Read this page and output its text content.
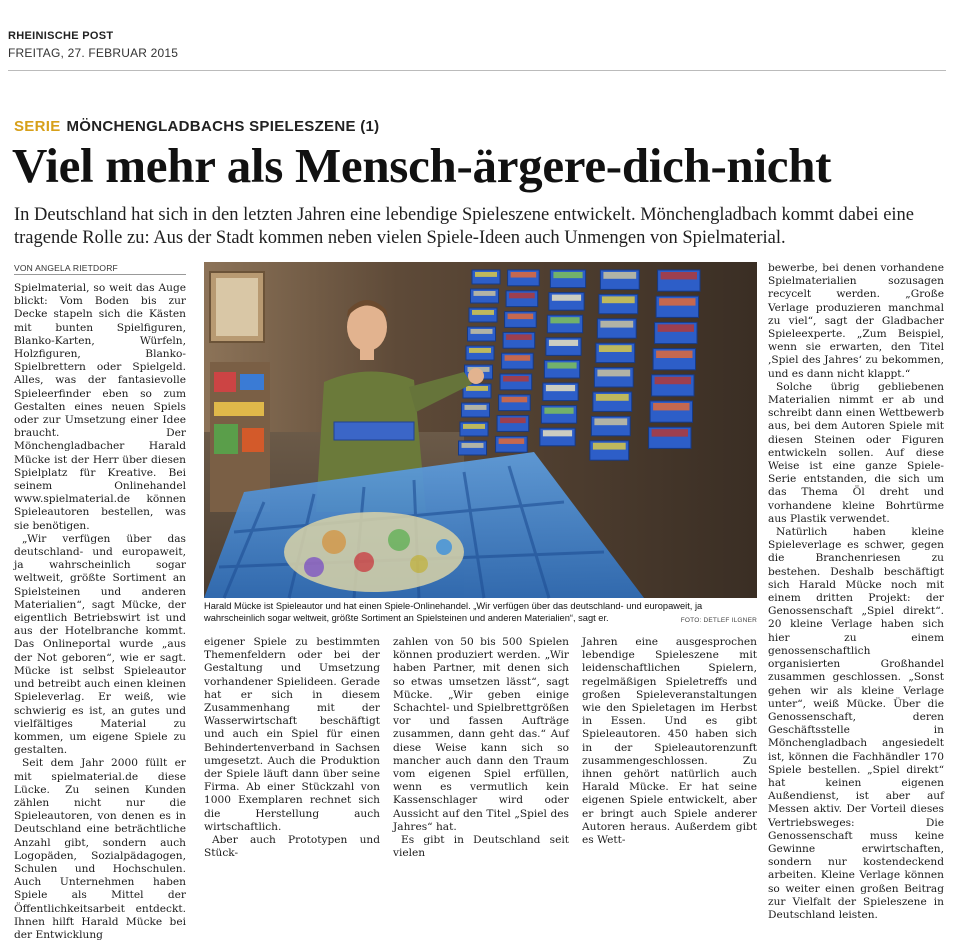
RHEINISCHE POST
FREITAG, 27. FEBRUAR 2015
SERIE MÖNCHENGLADBACHS SPIELESZENE (1)
Viel mehr als Mensch-ärgere-dich-nicht
In Deutschland hat sich in den letzten Jahren eine lebendige Spieleszene entwickelt. Mönchengladbach kommt dabei eine tragende Rolle zu: Aus der Stadt kommen neben vielen Spiele-Ideen auch Unmengen von Spielmaterial.
VON ANGELA RIETDORF

Spielmaterial, so weit das Auge blickt: Vom Boden bis zur Decke stapeln sich die Kästen mit bunten Spielfiguren, Blanko-Karten, Würfeln, Holzfiguren, Blanko-Spielbrettern oder Spielgeld. Alles, was der fantasievolle Spieleerfinder eben so zum Gestalten eines neuen Spiels oder zur Umsetzung einer Idee braucht. Der Mönchengladbacher Harald Mücke ist der Herr über diesen Spielplatz für Kreative. Bei seinem Onlinehandel www.spielmaterial.de können Spieleautoren bestellen, was sie benötigen.

„Wir verfügen über das deutschland- und europaweit, ja wahrscheinlich sogar weltweit, größte Sortiment an Spielsteinen und anderen Materialien“, sagt Mücke, der eigentlich Betriebswirt ist und aus der Hotelbranche kommt. Das Onlineportal wurde „aus der Not geboren“, wie er sagt. Mücke ist selbst Spieleautor und betreibt auch einen kleinen Spieleverlag. Er weiß, wie schwierig es ist, an gutes und vielfältiges Material zu kommen, um eigene Spiele zu gestalten.

Seit dem Jahr 2000 füllt er mit spielmaterial.de diese Lücke. Zu seinen Kunden zählen nicht nur die Spieleautoren, von denen es in Deutschland eine beträchtliche Anzahl gibt, sondern auch Logopäden, Sozialpädagogen, Schulen und Hochschulen. Auch Unternehmen haben Spiele als Mittel der Öffentlichkeitsarbeit entdeckt. Ihnen hilft Harald Mücke bei der Entwicklung

Harald Mücke ist Spieleautor und hat einen Spiele-Onlinehandel. „Wir verfügen über das deutschland- und europaweit, ja wahrscheinlich sogar weltweit, größte Sortiment an Spielsteinen und anderen Materialien“, sagt er.	FOTO: DETLEF ILGNER

eigener Spiele zu bestimmten Themenfeldern oder bei der Gestaltung und Umsetzung vorhandener Spielideen. Gerade hat er sich in diesem Zusammenhang mit der Wasserwirtschaft beschäftigt und auch ein Spiel für einen Behindertenverband in Sachsen umgesetzt. Auch die Produktion der Spiele läuft dann über seine Firma. Ab einer Stückzahl von 1000 Exemplaren rechnet sich die Herstellung auch wirtschaftlich.

Aber auch Prototypen und Stück-

zahlen von 50 bis 500 Spielen können produziert werden. „Wir haben Partner, mit denen sich so etwas umsetzen lässt“, sagt Mücke. „Wir geben einige Schachtel- und Spielbrettgrößen vor und fassen Aufträge zusammen, dann geht das.“ Auf diese Weise kann sich so mancher auch dann den Traum vom eigenen Spiel erfüllen, wenn es vermutlich kein Kassenschlager wird oder Aussicht auf den Titel „Spiel des Jahres“ hat.

Es gibt in Deutschland seit vielen

Jahren eine ausgesprochen lebendige Spieleszene mit leidenschaftlichen Spielern, regelmäßigen Spieletreffs und großen Spieleveranstaltungen wie den Spieletagen im Herbst in Essen. Und es gibt Spieleautoren. 450 haben sich in der Spieleautorenzunft zusammengeschlossen. Zu ihnen gehört natürlich auch Harald Mücke. Er hat seine eigenen Spiele entwickelt, aber er bringt auch Spiele anderer Autoren heraus. Außerdem gibt es Wett-

bewerbe, bei denen vorhandene Spielmaterialien sozusagen recycelt werden. „Große Verlage produzieren manchmal zu viel“, sagt der Gladbacher Spieleexperte. „Zum Beispiel, wenn sie erwarten, den Titel ‚Spiel des Jahres‘ zu bekommen, und es dann nicht klappt.“

Solche übrig gebliebenen Materialien nimmt er ab und schreibt dann einen Wettbewerb aus, bei dem Autoren Spiele mit diesen Steinen oder Figuren entwickeln sollen. Auf diese Weise ist eine ganze Spiele-Serie entstanden, die sich um das Thema Öl dreht und vorhandene kleine Bohrtürme aus Plastik verwendet.

Natürlich haben kleine Spieleverlage es schwer, gegen die Branchenriesen zu bestehen. Deshalb beschäftigt sich Harald Mücke noch mit einem dritten Projekt: der Genossenschaft „Spiel direkt“. 20 kleine Verlage haben sich hier zu einem genossenschaftlich organisierten Großhandel zusammen geschlossen. „Sonst gehen wir als kleine Verlage unter“, weiß Mücke. Über die Genossenschaft, deren Geschäftsstelle in Mönchengladbach angesiedelt ist, können die Fachhändler 170 Spiele bestellen. „Spiel direkt“ hat keinen eigenen Außendienst, ist aber auf Messen aktiv. Der Vorteil dieses Vertriebsweges: Die Genossenschaft muss keine Gewinne erwirtschaften, sondern nur kostendeckend arbeiten. Kleine Verlage können so weiter einen großen Beitrag zur Vielfalt der Spieleszene in Deutschland leisten.
